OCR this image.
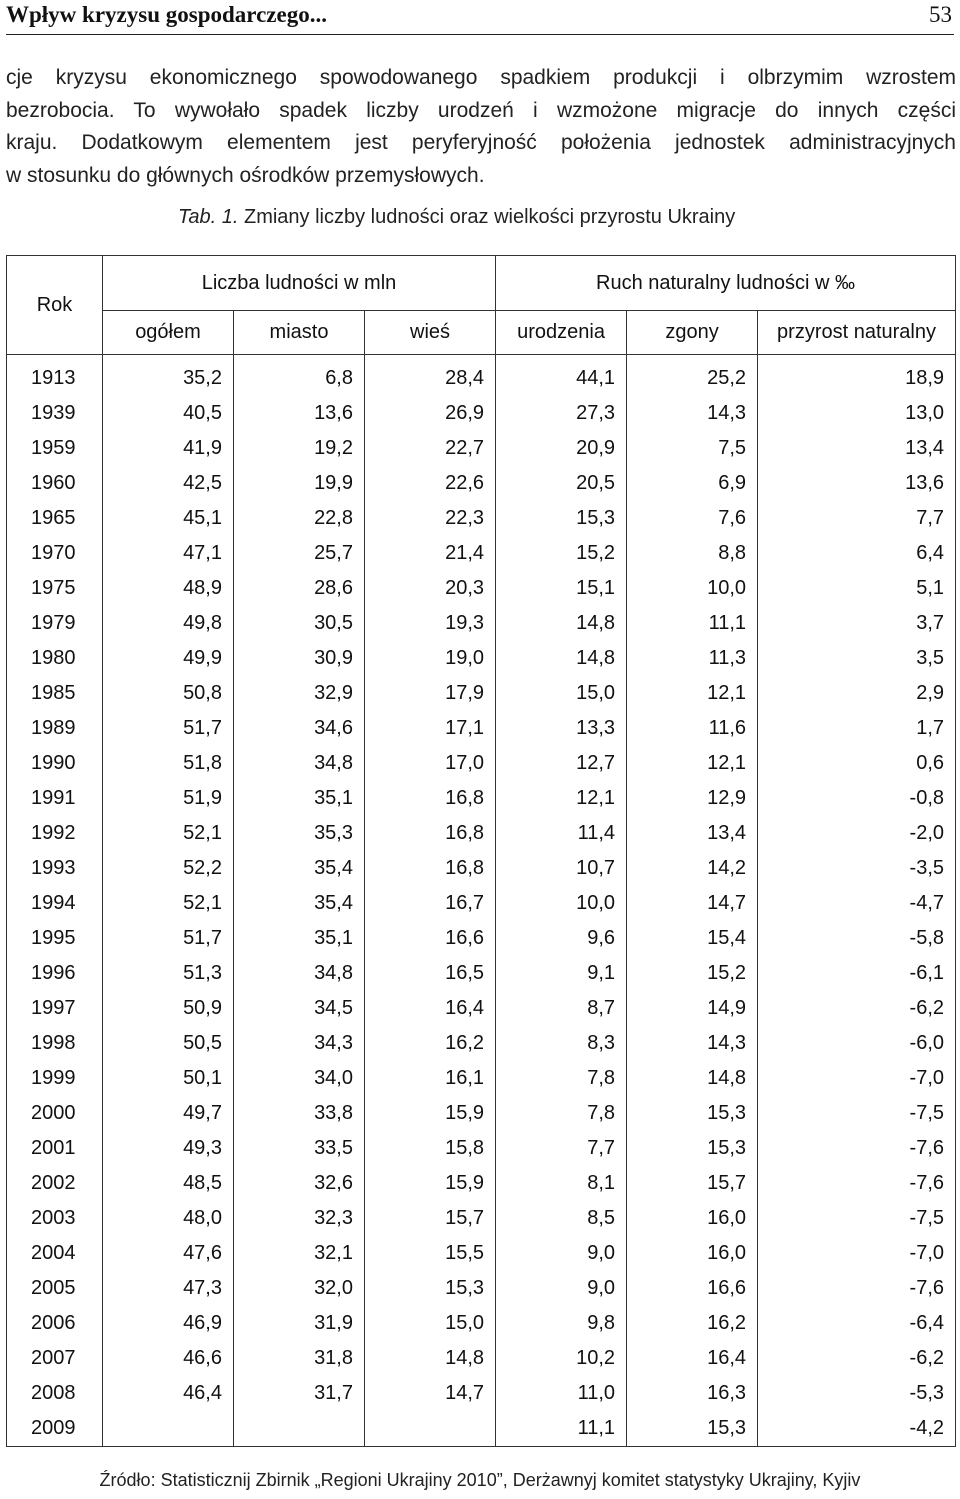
Wpływ kryzysu gospodarczego...	53
cje kryzysu ekonomicznego spowodowanego spadkiem produkcji i olbrzymim wzrostem
bezrobocia. To wywołało spadek liczby urodzeń i wzmożone migracje do innych części
kraju. Dodatkowym elementem jest peryferyjność położenia jednostek administracyjnych
w stosunku do głównych ośrodków przemysłowych.
Tab. 1. Zmiany liczby ludności oraz wielkości przyrostu Ukrainy
Rok	Liczba ludności w mln			Ruch naturalny ludności w ‰		
	ogółem	miasto	wieś	urodzenia	zgony	przyrost naturalny
1913	35,2	6,8	28,4	44,1	25,2	18,9
1939	40,5	13,6	26,9	27,3	14,3	13,0
1959	41,9	19,2	22,7	20,9	7,5	13,4
1960	42,5	19,9	22,6	20,5	6,9	13,6
1965	45,1	22,8	22,3	15,3	7,6	7,7
1970	47,1	25,7	21,4	15,2	8,8	6,4
1975	48,9	28,6	20,3	15,1	10,0	5,1
1979	49,8	30,5	19,3	14,8	11,1	3,7
1980	49,9	30,9	19,0	14,8	11,3	3,5
1985	50,8	32,9	17,9	15,0	12,1	2,9
1989	51,7	34,6	17,1	13,3	11,6	1,7
1990	51,8	34,8	17,0	12,7	12,1	0,6
1991	51,9	35,1	16,8	12,1	12,9	-0,8
1992	52,1	35,3	16,8	11,4	13,4	-2,0
1993	52,2	35,4	16,8	10,7	14,2	-3,5
1994	52,1	35,4	16,7	10,0	14,7	-4,7
1995	51,7	35,1	16,6	9,6	15,4	-5,8
1996	51,3	34,8	16,5	9,1	15,2	-6,1
1997	50,9	34,5	16,4	8,7	14,9	-6,2
1998	50,5	34,3	16,2	8,3	14,3	-6,0
1999	50,1	34,0	16,1	7,8	14,8	-7,0
2000	49,7	33,8	15,9	7,8	15,3	-7,5
2001	49,3	33,5	15,8	7,7	15,3	-7,6
2002	48,5	32,6	15,9	8,1	15,7	-7,6
2003	48,0	32,3	15,7	8,5	16,0	-7,5
2004	47,6	32,1	15,5	9,0	16,0	-7,0
2005	47,3	32,0	15,3	9,0	16,6	-7,6
2006	46,9	31,9	15,0	9,8	16,2	-6,4
2007	46,6	31,8	14,8	10,2	16,4	-6,2
2008	46,4	31,7	14,7	11,0	16,3	-5,3
2009				11,1	15,3	-4,2
Źródło: Statisticznij Zbirnik „Regioni Ukrajiny 2010”, Derżawnyj komitet statystyky Ukrajiny, Kyjiv
